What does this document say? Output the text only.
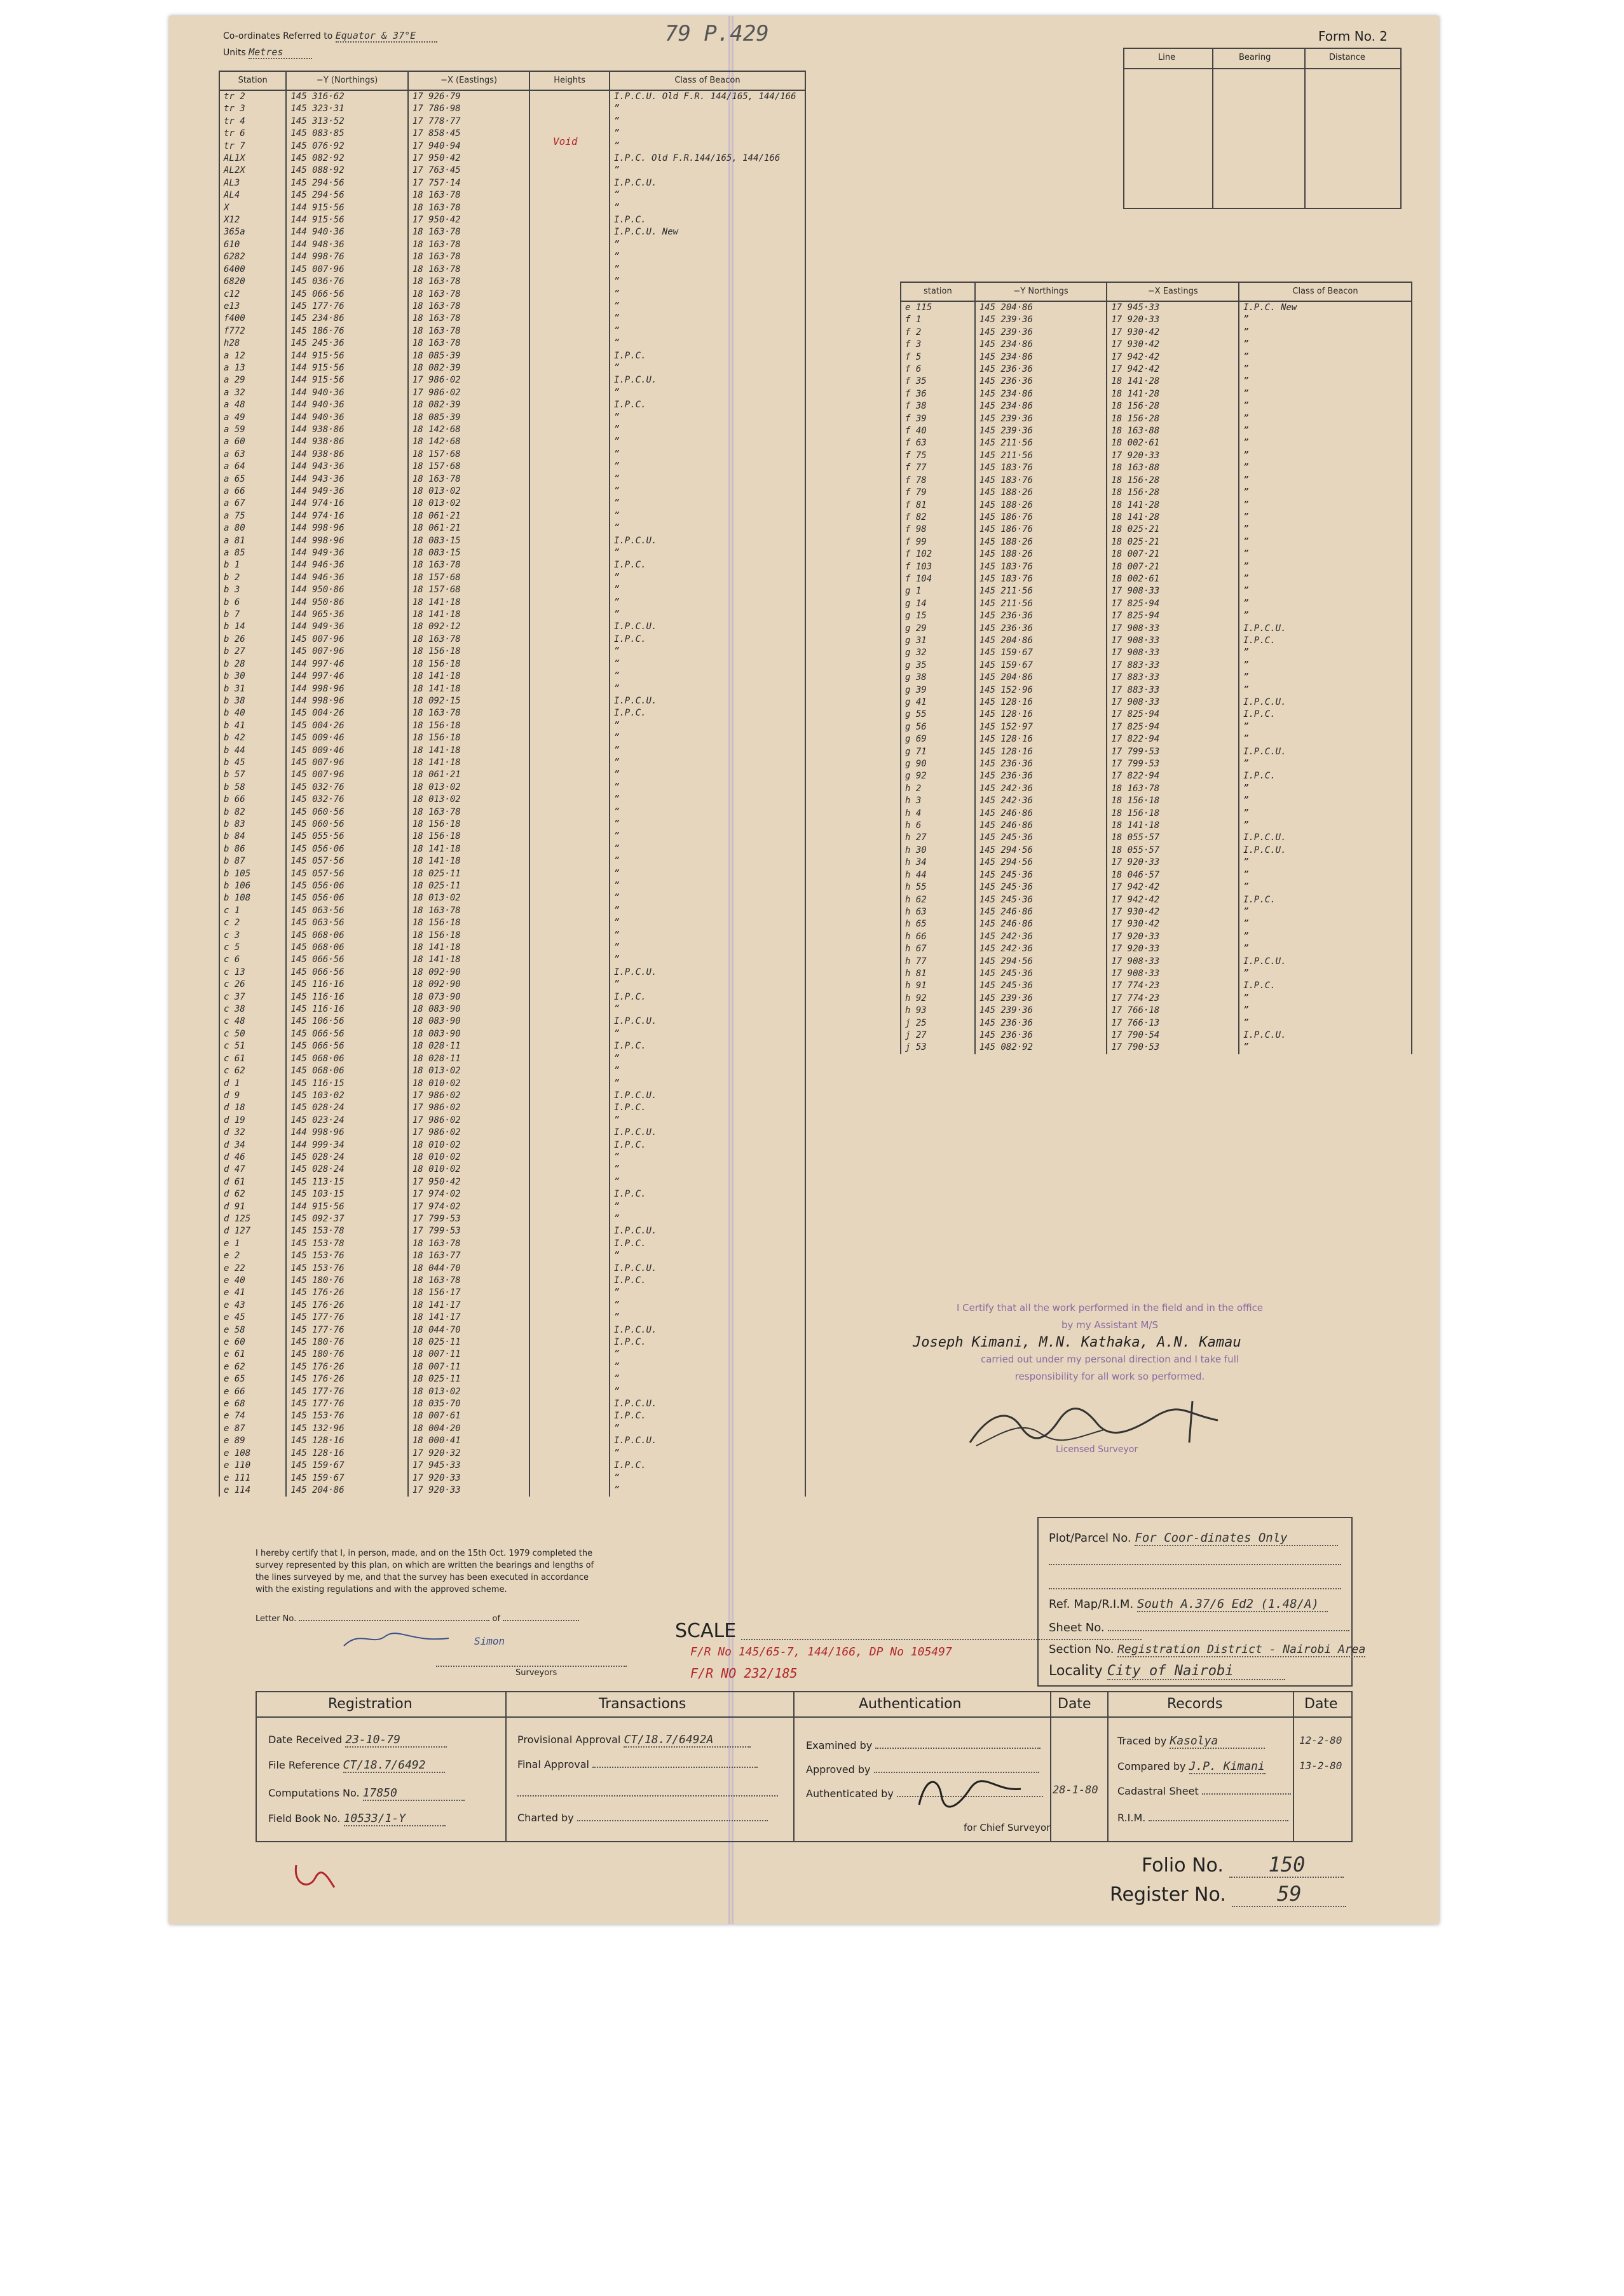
Co-ordinates Referred to Equator & 37°E
Units Metres
79 P.429	Form No. 2
Station	−Y (Northings)	−X (Eastings)	Heights	Class of Beacon
tr 2	145 316·62	17 926·79		I.P.C.U. Old F.R. 144/165, 144/166
tr 3	145 323·31	17 786·98		”
tr 4	145 313·52	17 778·77		”
tr 6	145 083·85	17 858·45		”
tr 7	145 076·92	17 940·94		”

AL1X	145 082·92	17 950·42		I.P.C. Old F.R.144/165, 144/166
AL2X	145 088·92	17 763·45		”
AL3	145 294·56	17 757·14		I.P.C.U.
AL4	145 294·56	18 163·78		”
X	144 915·56	18 163·78		”
X12	144 915·56	17 950·42		I.P.C.

365a	144 940·36	18 163·78		I.P.C.U. New
610	144 948·36	18 163·78		”
6282	144 998·76	18 163·78		”
6400	145 007·96	18 163·78		”
6820	145 036·76	18 163·78		”
c12	145 066·56	18 163·78		”
e13	145 177·76	18 163·78		”
f400	145 234·86	18 163·78		”
f772	145 186·76	18 163·78		”
h28	145 245·36	18 163·78		”

a 12	144 915·56	18 085·39		I.P.C.
a 13	144 915·56	18 082·39		”
a 29	144 915·56	17 986·02		I.P.C.U.
a 32	144 940·36	17 986·02		”
a 48	144 940·36	18 082·39		I.P.C.
a 49	144 940·36	18 085·39		”
a 59	144 938·86	18 142·68		”
a 60	144 938·86	18 142·68		”
a 63	144 938·86	18 157·68		”
a 64	144 943·36	18 157·68		”
a 65	144 943·36	18 163·78		”
a 66	144 949·36	18 013·02		”
a 67	144 974·16	18 013·02		”
a 75	144 974·16	18 061·21		”
a 80	144 998·96	18 061·21		”
a 81	144 998·96	18 083·15		I.P.C.U.
a 85	144 949·36	18 083·15		”
b 1	144 946·36	18 163·78		I.P.C.
b 2	144 946·36	18 157·68		”
b 3	144 950·86	18 157·68		”
b 6	144 950·86	18 141·18		”
b 7	144 965·36	18 141·18		”
b 14	144 949·36	18 092·12		I.P.C.U.
b 26	145 007·96	18 163·78		I.P.C.
b 27	145 007·96	18 156·18		”
b 28	144 997·46	18 156·18		”
b 30	144 997·46	18 141·18		”
b 31	144 998·96	18 141·18		”
b 38	144 998·96	18 092·15		I.P.C.U.
b 40	145 004·26	18 163·78		I.P.C.
b 41	145 004·26	18 156·18		”
b 42	145 009·46	18 156·18		”
b 44	145 009·46	18 141·18		”
b 45	145 007·96	18 141·18		”
b 57	145 007·96	18 061·21		”
b 58	145 032·76	18 013·02		”
b 66	145 032·76	18 013·02		”
b 82	145 060·56	18 163·78		”
b 83	145 060·56	18 156·18		”
b 84	145 055·56	18 156·18		”
b 86	145 056·06	18 141·18		”
b 87	145 057·56	18 141·18		”
b 105	145 057·56	18 025·11		”
b 106	145 056·06	18 025·11		”
b 108	145 056·06	18 013·02		”
c 1	145 063·56	18 163·78		”
c 2	145 063·56	18 156·18		”
c 3	145 068·06	18 156·18		”
c 5	145 068·06	18 141·18		”
c 6	145 066·56	18 141·18		”
c 13	145 066·56	18 092·90		I.P.C.U.
c 26	145 116·16	18 092·90		”
c 37	145 116·16	18 073·90		I.P.C.
c 38	145 116·16	18 083·90		”
c 48	145 106·56	18 083·90		I.P.C.U.
c 50	145 066·56	18 083·90		”
c 51	145 066·56	18 028·11		I.P.C.
c 61	145 068·06	18 028·11		”
c 62	145 068·06	18 013·02		”
d 1	145 116·15	18 010·02		”
d 9	145 103·02	17 986·02		I.P.C.U.
d 18	145 028·24	17 986·02		I.P.C.
d 19	145 023·24	17 986·02		”
d 32	144 998·96	17 986·02		I.P.C.U.
d 34	144 999·34	18 010·02		I.P.C.
d 46	145 028·24	18 010·02		”
d 47	145 028·24	18 010·02		”
d 61	145 113·15	17 950·42		”
d 62	145 103·15	17 974·02		I.P.C.
d 91	144 915·56	17 974·02		”
d 125	145 092·37	17 799·53		”
d 127	145 153·78	17 799·53		I.P.C.U.
e 1	145 153·78	18 163·78		I.P.C.
e 2	145 153·76	18 163·77		”
e 22	145 153·76	18 044·70		I.P.C.U.
e 40	145 180·76	18 163·78		I.P.C.
e 41	145 176·26	18 156·17		”
e 43	145 176·26	18 141·17		”
e 45	145 177·76	18 141·17		”
e 58	145 177·76	18 044·70		I.P.C.U.
e 60	145 180·76	18 025·11		I.P.C.
e 61	145 180·76	18 007·11		”
e 62	145 176·26	18 007·11		”
e 65	145 176·26	18 025·11		”
e 66	145 177·76	18 013·02		”
e 68	145 177·76	18 035·70		I.P.C.U.
e 74	145 153·76	18 007·61		I.P.C.
e 87	145 132·96	18 004·20		”
e 89	145 128·16	18 000·41		I.P.C.U.
e 108	145 128·16	17 920·32		”
e 110	145 159·67	17 945·33		I.P.C.
e 111	145 159·67	17 920·33		”
e 114	145 204·86	17 920·33		”
Line	Bearing	Distance
station	−Y Northings	−X Eastings	Class of Beacon
e 115	145 204·86	17 945·33	I.P.C. New
f 1	145 239·36	17 920·33	”
f 2	145 239·36	17 930·42	”
f 3	145 234·86	17 930·42	”
f 5	145 234·86	17 942·42	”
f 6	145 236·36	17 942·42	”
f 35	145 236·36	18 141·28	”
f 36	145 234·86	18 141·28	”
f 38	145 234·86	18 156·28	”
f 39	145 239·36	18 156·28	”
f 40	145 239·36	18 163·88	”
f 63	145 211·56	18 002·61	”
f 75	145 211·56	17 920·33	”
f 77	145 183·76	18 163·88	”
f 78	145 183·76	18 156·28	”
f 79	145 188·26	18 156·28	”
f 81	145 188·26	18 141·28	”
f 82	145 186·76	18 141·28	”
f 98	145 186·76	18 025·21	”
f 99	145 188·26	18 025·21	”
f 102	145 188·26	18 007·21	”
f 103	145 183·76	18 007·21	”
f 104	145 183·76	18 002·61	”
g 1	145 211·56	17 908·33	”
g 14	145 211·56	17 825·94	”
g 15	145 236·36	17 825·94	”
g 29	145 236·36	17 908·33	I.P.C.U.
g 31	145 204·86	17 908·33	I.P.C.
g 32	145 159·67	17 908·33	”
g 35	145 159·67	17 883·33	”
g 38	145 204·86	17 883·33	”
g 39	145 152·96	17 883·33	”
g 41	145 128·16	17 908·33	I.P.C.U.
g 55	145 128·16	17 825·94	I.P.C.
g 56	145 152·97	17 825·94	”
g 69	145 128·16	17 822·94	”
g 71	145 128·16	17 799·53	I.P.C.U.
g 90	145 236·36	17 799·53	”
g 92	145 236·36	17 822·94	I.P.C.
h 2	145 242·36	18 163·78	”
h 3	145 242·36	18 156·18	”
h 4	145 246·86	18 156·18	”
h 6	145 246·86	18 141·18	”
h 27	145 245·36	18 055·57	I.P.C.U.
h 30	145 294·56	18 055·57	I.P.C.U.
h 34	145 294·56	17 920·33	”
h 44	145 245·36	18 046·57	”
h 55	145 245·36	17 942·42	”
h 62	145 245·36	17 942·42	I.P.C.
h 63	145 246·86	17 930·42	”
h 65	145 246·86	17 930·42	”
h 66	145 242·36	17 920·33	”
h 67	145 242·36	17 920·33	”
h 77	145 294·56	17 908·33	I.P.C.U.
h 81	145 245·36	17 908·33	”
h 91	145 245·36	17 774·23	I.P.C.
h 92	145 239·36	17 774·23	”
h 93	145 239·36	17 766·18	”
j 25	145 236·36	17 766·13	”
j 27	145 236·36	17 790·54	I.P.C.U.
j 53	145 082·92	17 790·53	”
Void
I Certify that all the work performed in the field and in the office by my Assistant M/S
Joseph Kimani, M.N. Kathaka, A.N. Kamau
carried out under my personal direction and I take full responsibility for all work so performed.
Licensed Surveyor
I hereby certify that I, in person, made, and on the 15th Oct. 1979 completed the survey represented by this plan, on which are written the bearings and lengths of the lines surveyed by me, and that the survey has been executed in accordance with the existing regulations and with the approved scheme.
Letter No.	of
Simon
Surveyors
SCALE
F/R No 145/65-7, 144/166, DP No 105497
F/R NO 232/185
Plot/Parcel No. For Coor-dinates Only
Ref. Map/R.I.M. South A.37/6 Ed2 (1.48/A)
Sheet No.
Section No. Registration District - Nairobi Area
Locality City of Nairobi
Registration	Transactions	Authentication	Date	Records	Date
Date Received 23-10-79
File Reference CT/18.7/6492
Computations No. 17850
Field Book No. 10533/1-Y
Provisional Approval CT/18.7/6492A
Final Approval
Charted by
Examined by
Approved by
Authenticated by	28-1-80
for Chief Surveyor
Traced by Kasolya	12-2-80
Compared by J.P. Kimani	13-2-80
Cadastral Sheet
R.I.M.
Folio No. 150
Register No.	59
